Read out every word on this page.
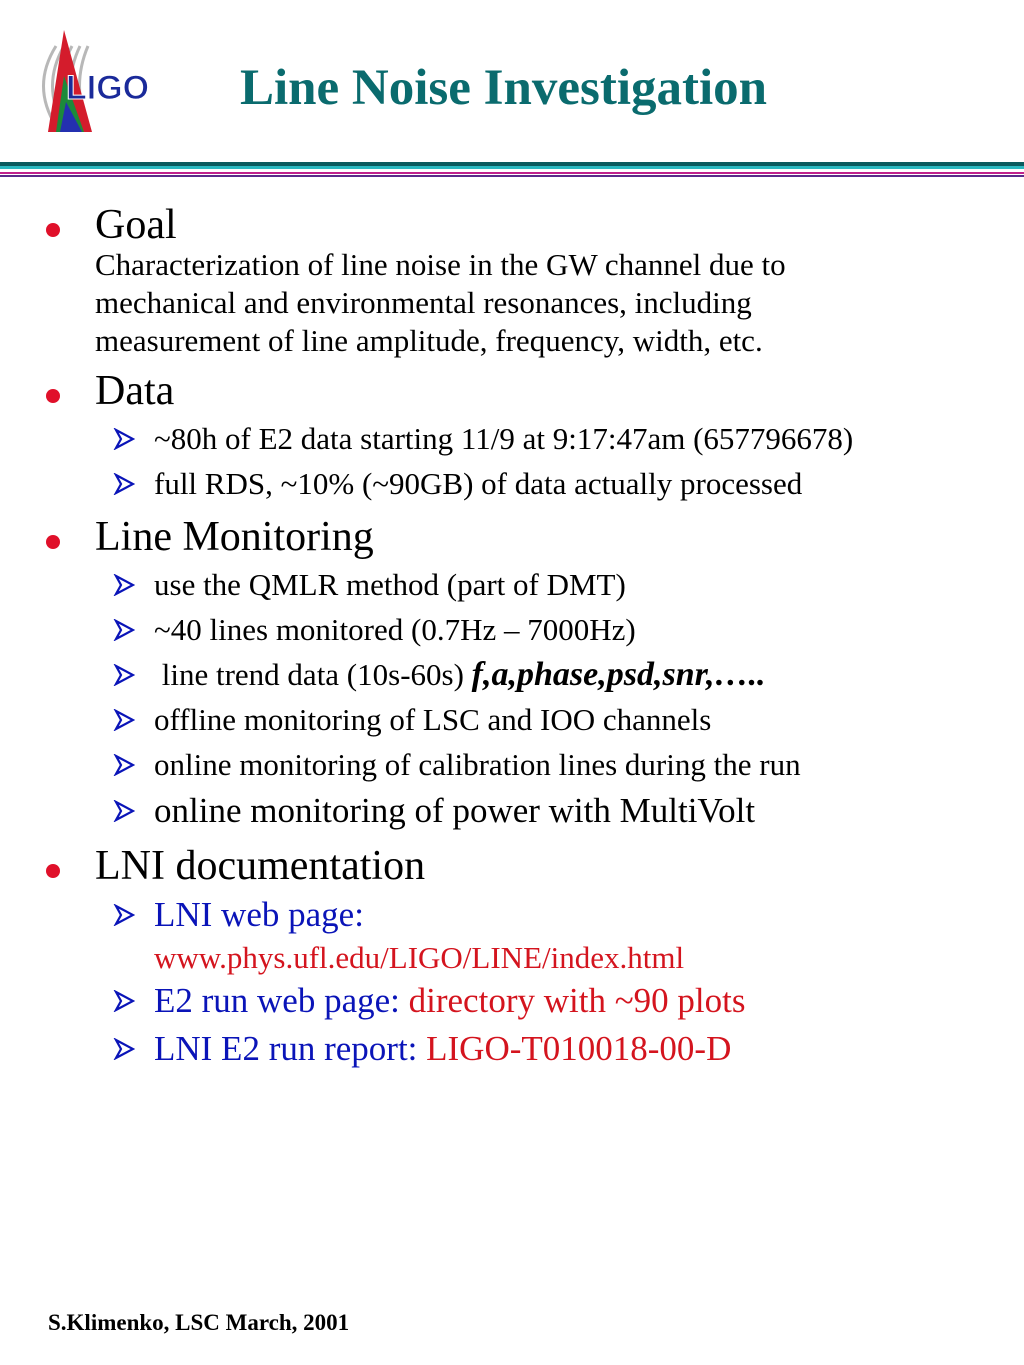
LIGO Line Noise Investigation
Goal
Characterization of line noise in the GW channel due to
mechanical and environmental resonances, including
measurement of line amplitude, frequency, width, etc.
Data
~80h of E2 data starting 11/9 at 9:17:47am (657796678)
full RDS, ~10% (~90GB) of data actually processed
Line Monitoring
use the QMLR method (part of DMT)
~40 lines monitored (0.7Hz – 7000Hz)
line trend data (10s-60s) f,a,phase,psd,snr,…..
offline monitoring of LSC and IOO channels
online monitoring of calibration lines during the run
online monitoring of power with MultiVolt
LNI documentation
LNI web page:
www.phys.ufl.edu/LIGO/LINE/index.html
E2 run web page: directory with ~90 plots
LNI E2 run report: LIGO-T010018-00-D
S.Klimenko, LSC March, 2001
